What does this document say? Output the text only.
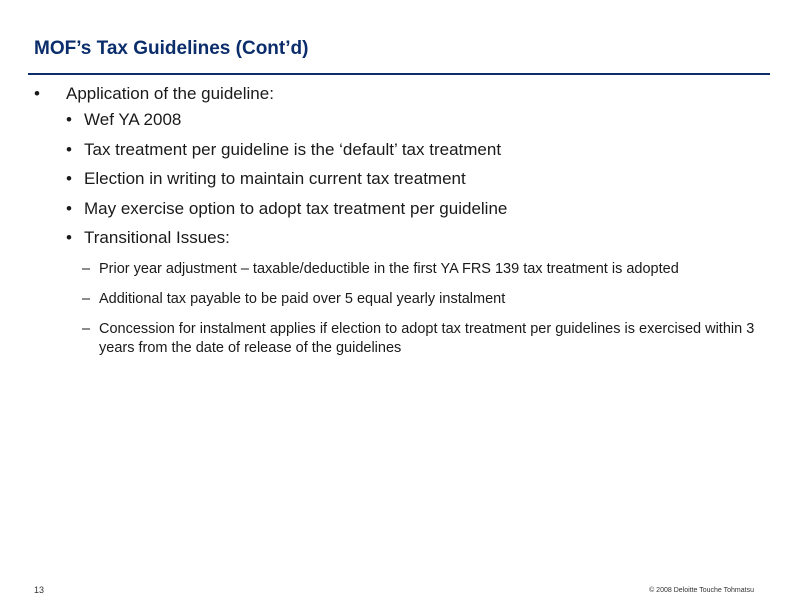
MOF’s Tax Guidelines (Cont’d)
• Application of the guideline:
• Wef YA 2008
• Tax treatment per guideline is the ‘default’ tax treatment
• Election in writing to maintain current tax treatment
• May exercise option to adopt tax treatment per guideline
• Transitional Issues:
– Prior year adjustment – taxable/deductible in the first YA FRS 139 tax treatment is adopted
– Additional tax payable to be paid over 5 equal yearly instalment
– Concession for instalment applies if election to adopt tax treatment per guidelines is exercised within 3 years from the date of release of the guidelines
13	© 2008 Deloitte Touche Tohmatsu
